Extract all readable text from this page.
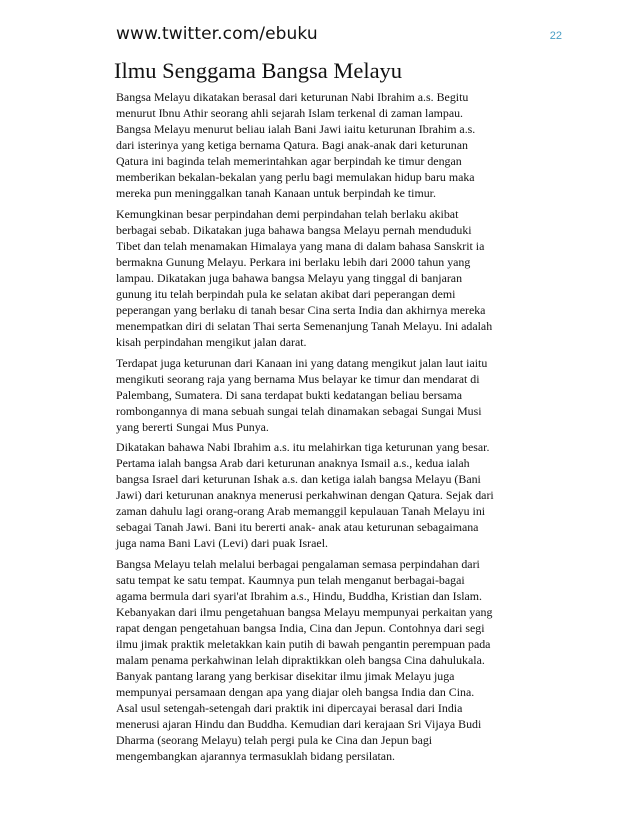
www.twitter.com/ebuku	22
Ilmu Senggama Bangsa Melayu

Bangsa Melayu dikatakan berasal dari keturunan Nabi Ibrahim a.s. Begitu
menurut Ibnu Athir seorang ahli sejarah Islam terkenal di zaman lampau.
Bangsa Melayu menurut beliau ialah Bani Jawi iaitu keturunan Ibrahim a.s.
dari isterinya yang ketiga bernama Qatura. Bagi anak-anak dari keturunan
Qatura ini baginda telah memerintahkan agar berpindah ke timur dengan
memberikan bekalan-bekalan yang perlu bagi memulakan hidup baru maka
mereka pun meninggalkan tanah Kanaan untuk berpindah ke timur.

Kemungkinan besar perpindahan demi perpindahan telah berlaku akibat
berbagai sebab. Dikatakan juga bahawa bangsa Melayu pernah menduduki
Tibet dan telah menamakan Himalaya yang mana di dalam bahasa Sanskrit ia
bermakna Gunung Melayu. Perkara ini berlaku lebih dari 2000 tahun yang
lampau. Dikatakan juga bahawa bangsa Melayu yang tinggal di banjaran
gunung itu telah berpindah pula ke selatan akibat dari peperangan demi
peperangan yang berlaku di tanah besar Cina serta India dan akhirnya mereka
menempatkan diri di selatan Thai serta Semenanjung Tanah Melayu. Ini adalah
kisah perpindahan mengikut jalan darat.

Terdapat juga keturunan dari Kanaan ini yang datang mengikut jalan laut iaitu
mengikuti seorang raja yang bernama Mus belayar ke timur dan mendarat di
Palembang, Sumatera. Di sana terdapat bukti kedatangan beliau bersama
rombongannya di mana sebuah sungai telah dinamakan sebagai Sungai Musi
yang bererti Sungai Mus Punya.

Dikatakan bahawa Nabi Ibrahim a.s. itu melahirkan tiga keturunan yang besar.
Pertama ialah bangsa Arab dari keturunan anaknya Ismail a.s., kedua ialah
bangsa Israel dari keturunan Ishak a.s. dan ketiga ialah bangsa Melayu (Bani
Jawi) dari keturunan anaknya menerusi perkahwinan dengan Qatura. Sejak dari
zaman dahulu lagi orang-orang Arab memanggil kepulauan Tanah Melayu ini
sebagai Tanah Jawi. Bani itu bererti anak- anak atau keturunan sebagaimana
juga nama Bani Lavi (Levi) dari puak Israel.

Bangsa Melayu telah melalui berbagai pengalaman semasa perpindahan dari
satu tempat ke satu tempat. Kaumnya pun telah menganut berbagai-bagai
agama bermula dari syari'at Ibrahim a.s., Hindu, Buddha, Kristian dan Islam.
Kebanyakan dari ilmu pengetahuan bangsa Melayu mempunyai perkaitan yang
rapat dengan pengetahuan bangsa India, Cina dan Jepun. Contohnya dari segi
ilmu jimak praktik meletakkan kain putih di bawah pengantin perempuan pada
malam penama perkahwinan lelah dipraktikkan oleh bangsa Cina dahulukala.
Banyak pantang larang yang berkisar disekitar ilmu jimak Melayu juga
mempunyai persamaan dengan apa yang diajar oleh bangsa India dan Cina.
Asal usul setengah-setengah dari praktik ini dipercayai berasal dari India
menerusi ajaran Hindu dan Buddha. Kemudian dari kerajaan Sri Vijaya Budi
Dharma (seorang Melayu) telah pergi pula ke Cina dan Jepun bagi
mengembangkan ajarannya termasuklah bidang persilatan.
